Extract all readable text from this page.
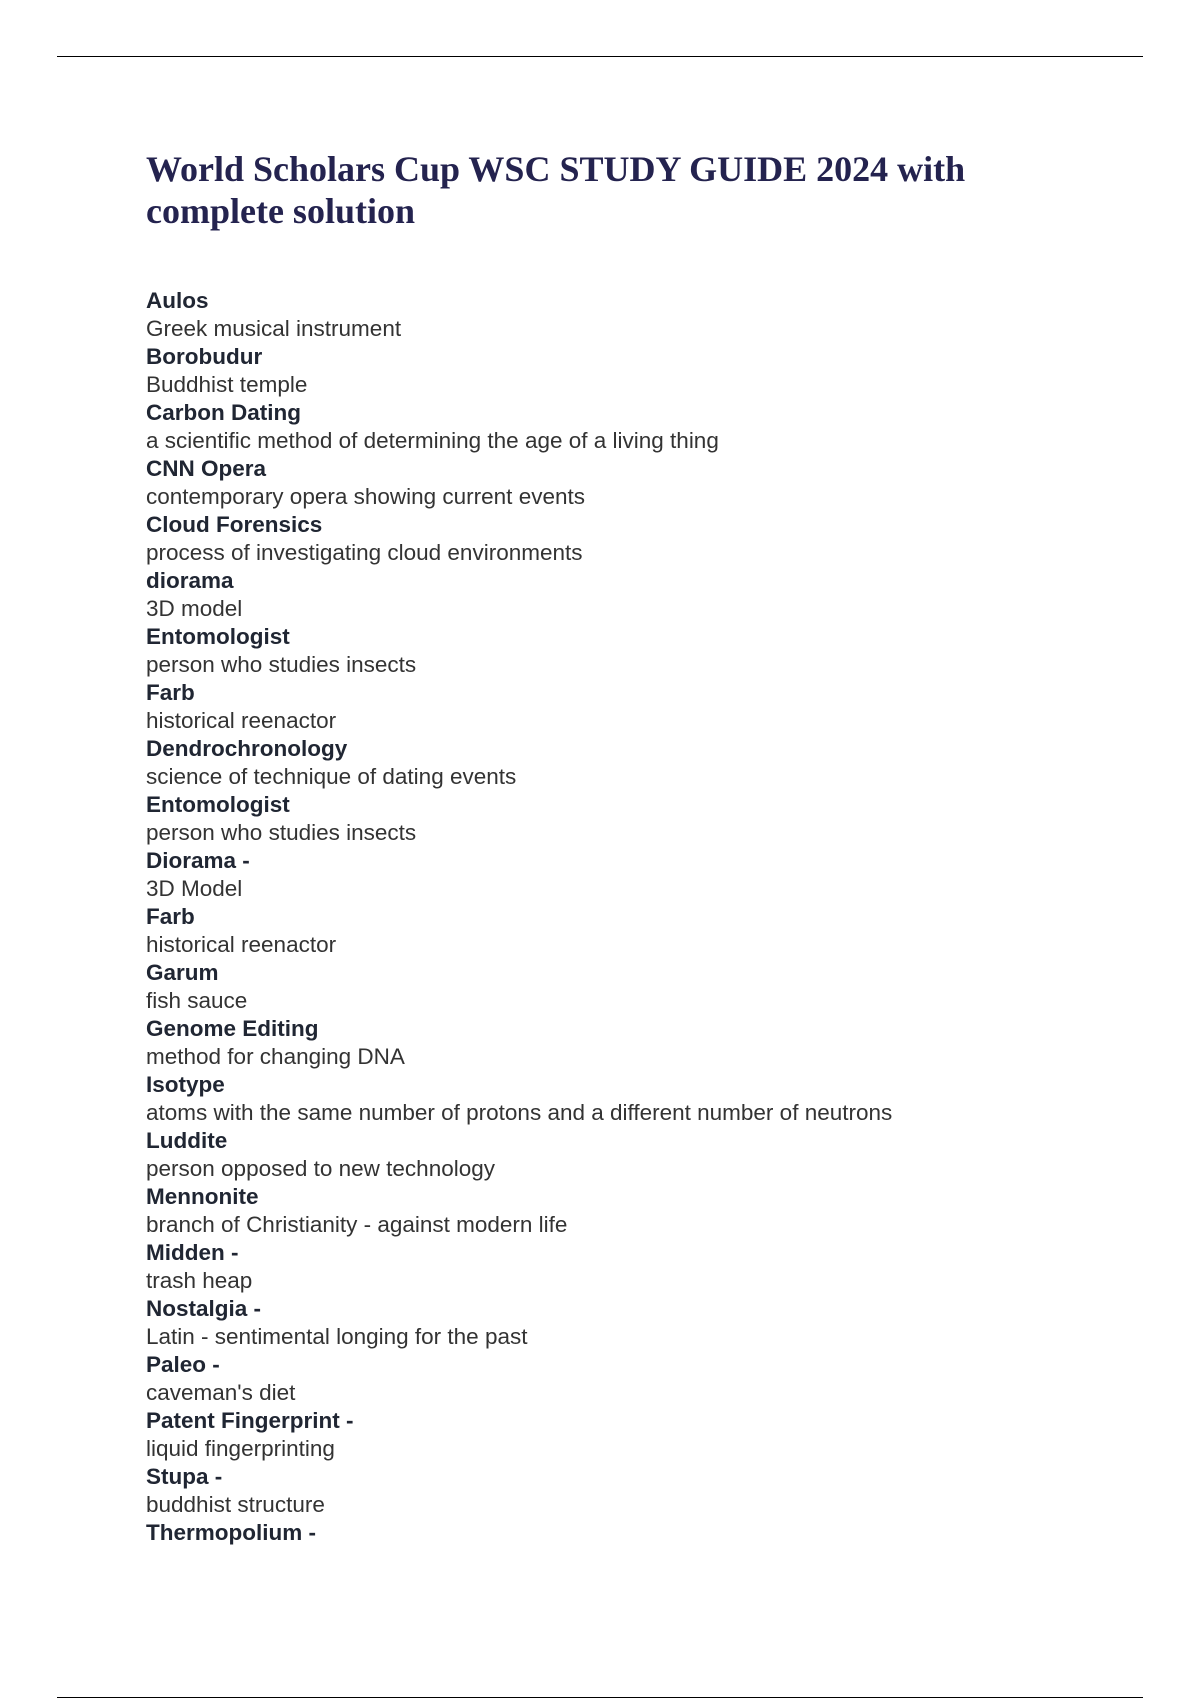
World Scholars Cup WSC STUDY GUIDE 2024 with complete solution
Aulos
Greek musical instrument
Borobudur
Buddhist temple
Carbon Dating
a scientific method of determining the age of a living thing
CNN Opera
contemporary opera showing current events
Cloud Forensics
process of investigating cloud environments
diorama
3D model
Entomologist
person who studies insects
Farb
historical reenactor
Dendrochronology
science of technique of dating events
Entomologist
person who studies insects
Diorama -
3D Model
Farb
historical reenactor
Garum
fish sauce
Genome Editing
method for changing DNA
Isotype
atoms with the same number of protons and a different number of neutrons
Luddite
person opposed to new technology
Mennonite
branch of Christianity - against modern life
Midden -
trash heap
Nostalgia -
Latin - sentimental longing for the past
Paleo -
caveman's diet
Patent Fingerprint -
liquid fingerprinting
Stupa -
buddhist structure
Thermopolium -
